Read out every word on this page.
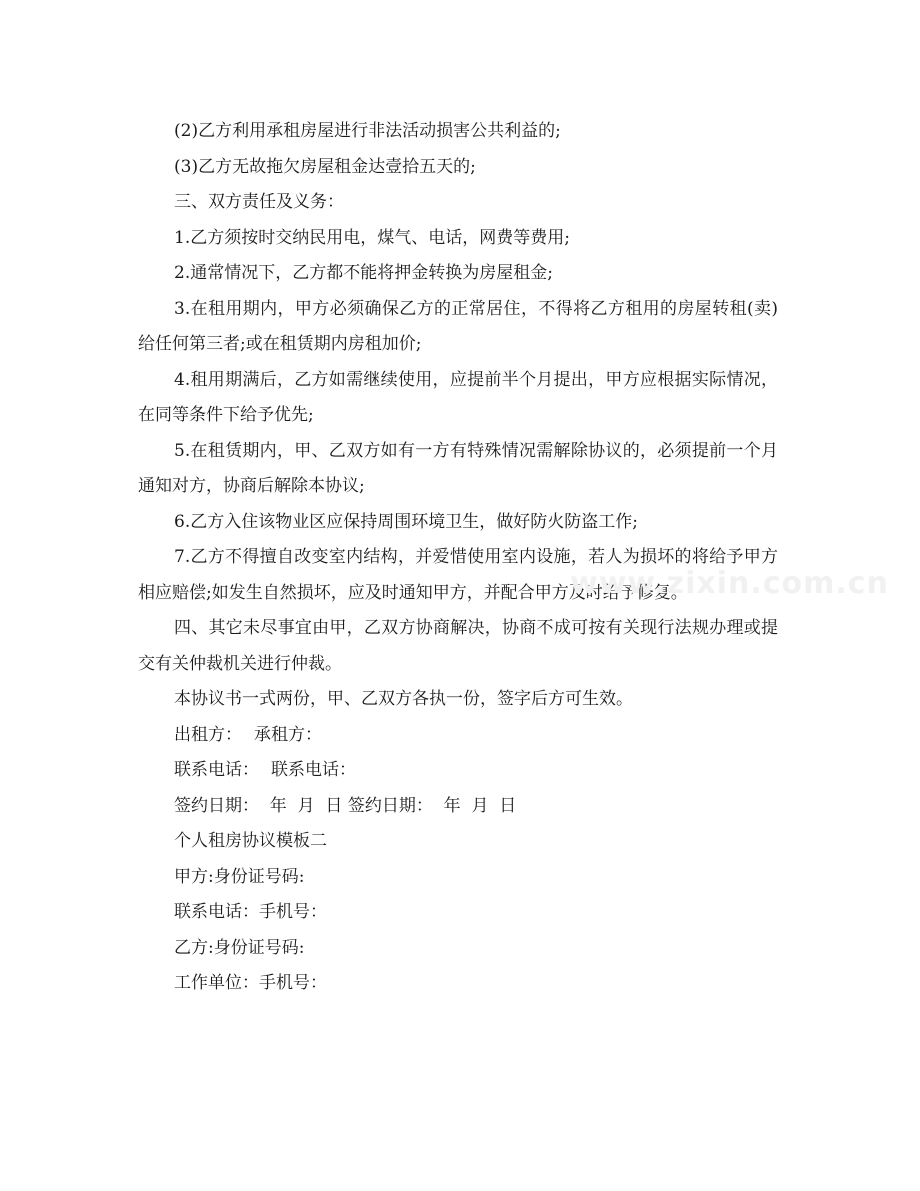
(2)乙方利用承租房屋进行非法活动损害公共利益的;

(3)乙方无故拖欠房屋租金达壹拾五天的;

三、双方责任及义务：

1.乙方须按时交纳民用电，煤气、电话，网费等费用;

2.通常情况下，乙方都不能将押金转换为房屋租金;

3.在租用期内，甲方必须确保乙方的正常居住，不得将乙方租用的房屋转租(卖)给任何第三者;或在租赁期内房租加价;

4.租用期满后，乙方如需继续使用，应提前半个月提出，甲方应根据实际情况，在同等条件下给予优先;

5.在租赁期内，甲、乙双方如有一方有特殊情况需解除协议的，必须提前一个月通知对方，协商后解除本协议;

6.乙方入住该物业区应保持周围环境卫生，做好防火防盗工作;

7.乙方不得擅自改变室内结构，并爱惜使用室内设施，若人为损坏的将给予甲方相应赔偿;如发生自然损坏，应及时通知甲方，并配合甲方及时给予修复。

四、其它未尽事宜由甲，乙双方协商解决，协商不成可按有关现行法规办理或提交有关仲裁机关进行仲裁。

本协议书一式两份，甲、乙双方各执一份，签字后方可生效。

出租方： 承租方：
联系电话： 联系电话：
签约日期：  年  月  日 签约日期：  年  月  日
个人租房协议模板二
甲方:身份证号码:
联系电话：手机号：
乙方:身份证号码:
工作单位：手机号：
www.zixin.com.cn
